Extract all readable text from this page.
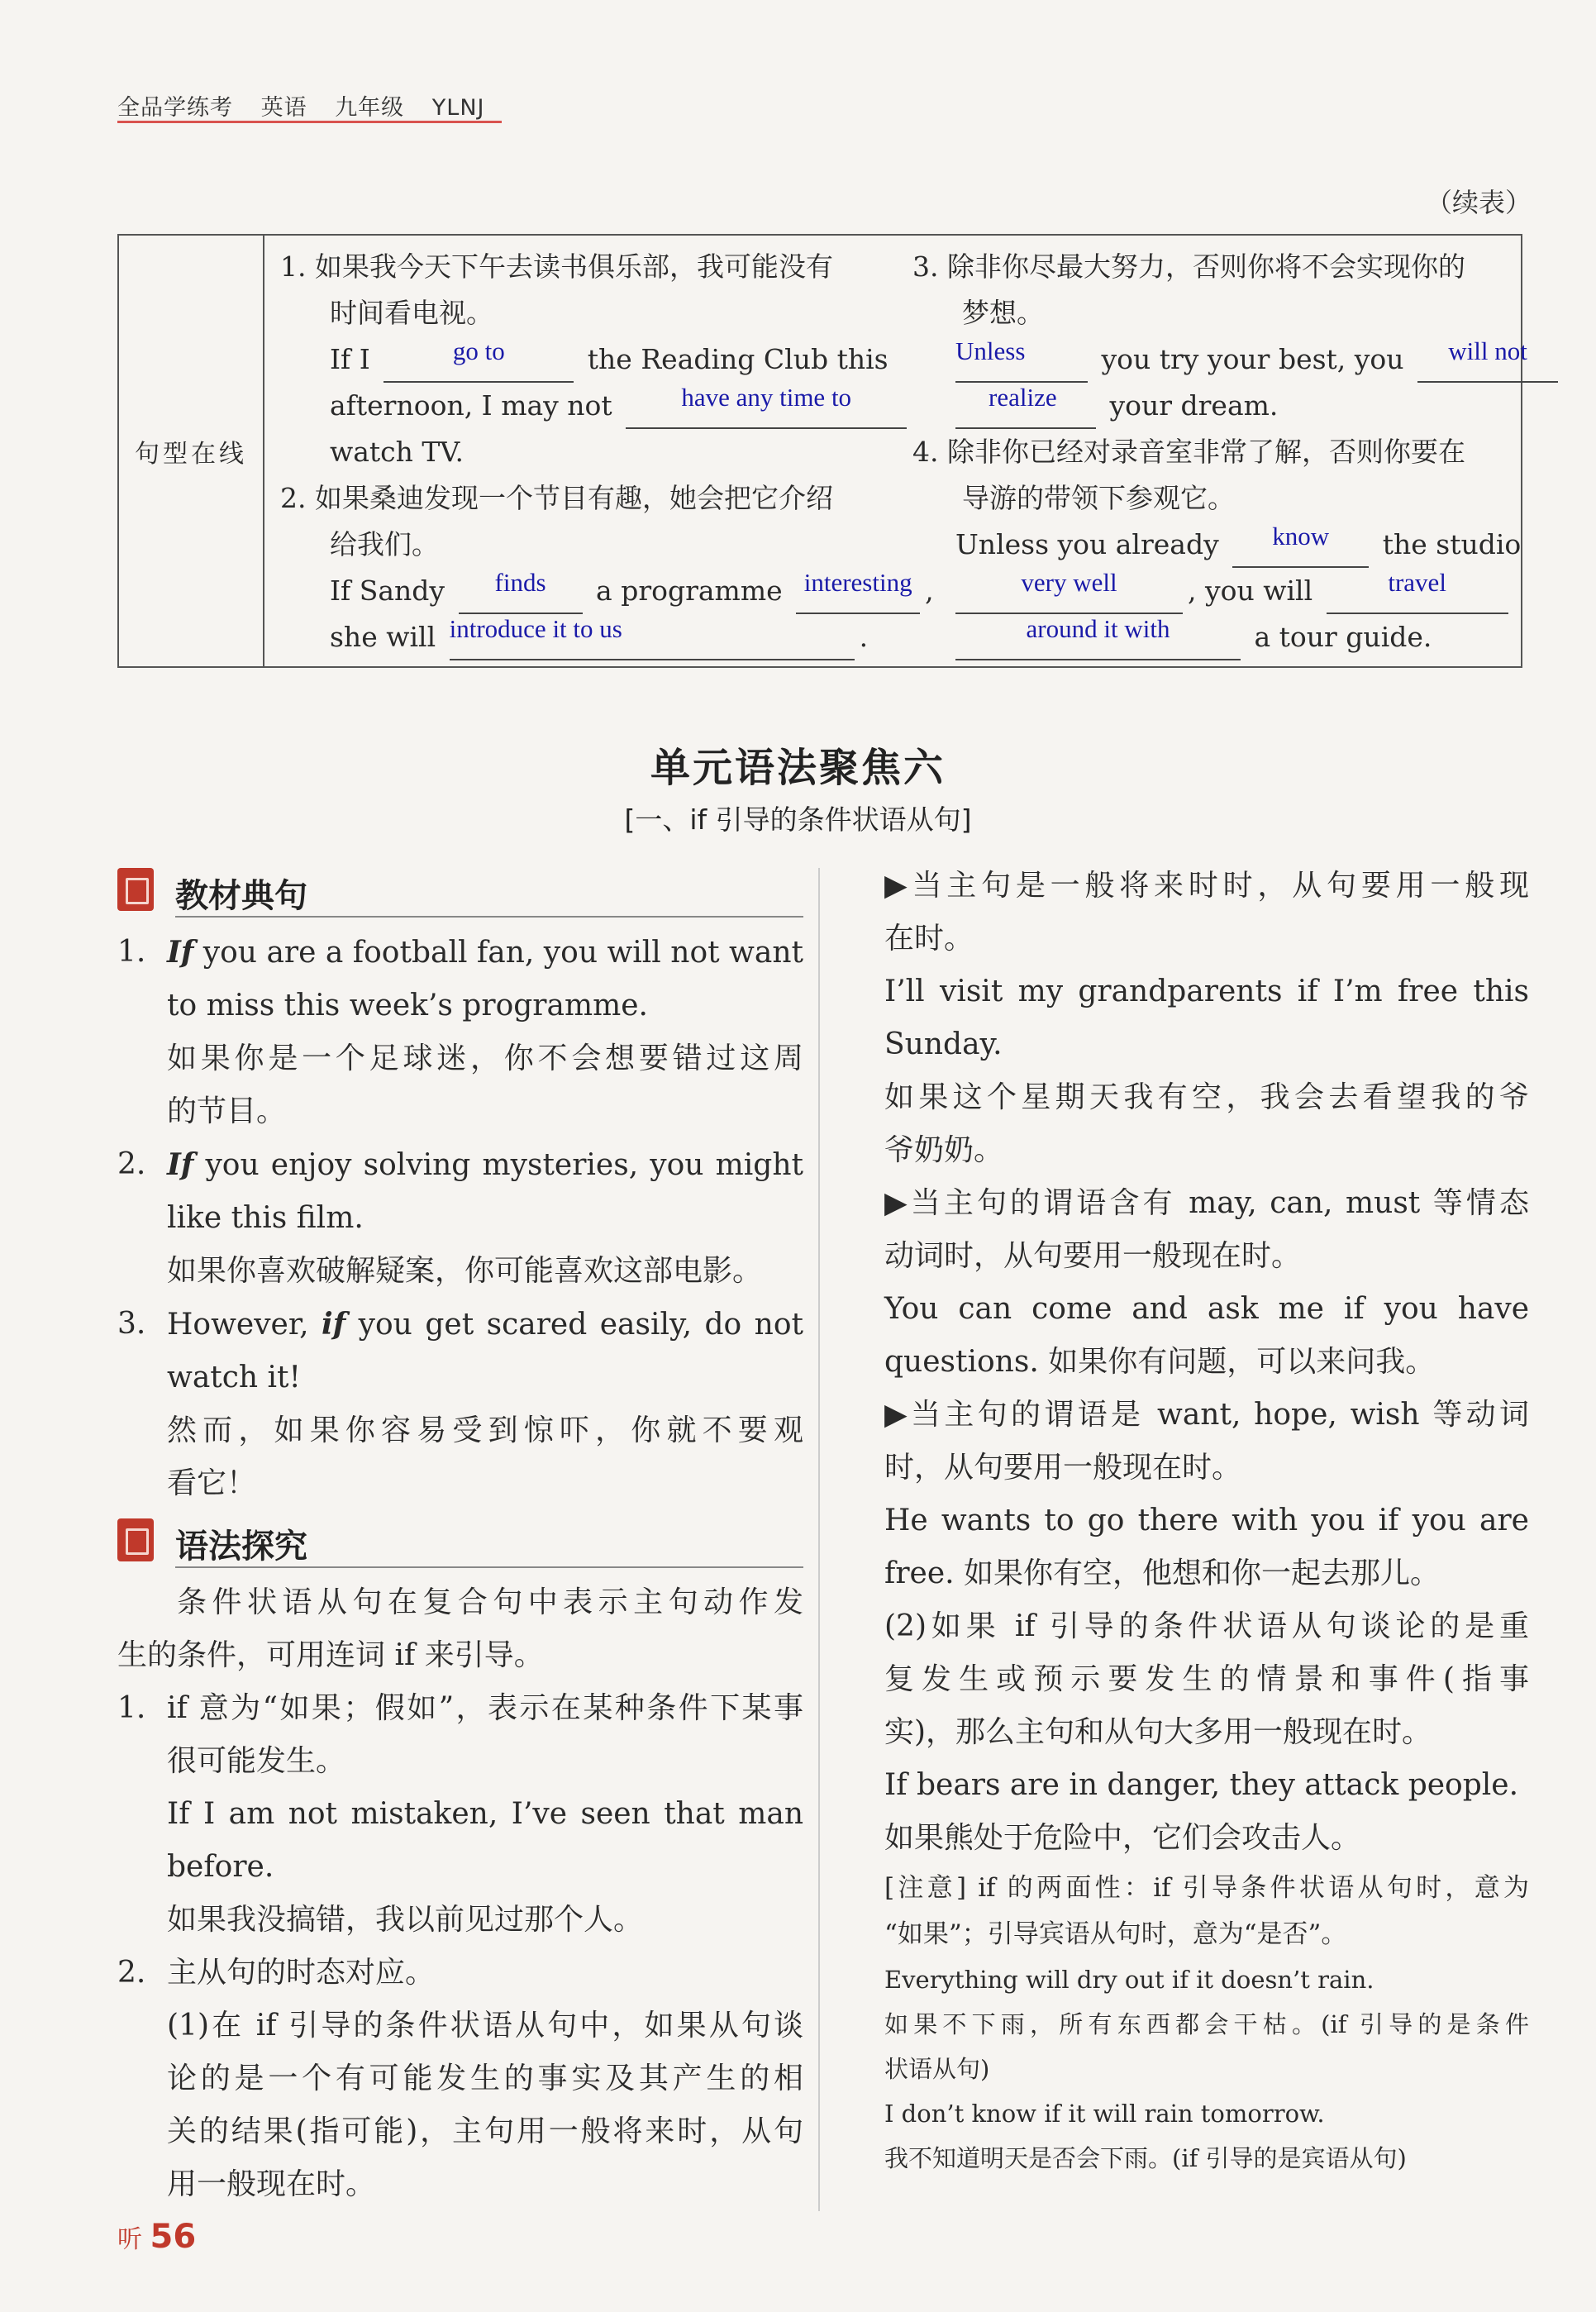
全品学练考 英语 九年级 YLNJ
（续表）
句型在线
1. 如果我今天下午去读书俱乐部，我可能没有
时间看电视。
If I	go to	the Reading Club this
afternoon, I may not	have any time to
watch TV.
2. 如果桑迪发现一个节目有趣，她会把它介绍
给我们。
If Sandy	finds	a programme interesting ,
she will introduce it to us	.
3. 除非你尽最大努力，否则你将不会实现你的
梦想。
Unless	you try your best, you	will not
realize	your dream.
4. 除非你已经对录音室非常了解，否则你要在
导游的带领下参观它。
Unless you already	know	the studio
very well	, you will	travel
around it with	a tour guide.
单元语法聚焦六
[一、if 引导的条件状语从句]
教材典句
1. If you are a football fan, you will not want
to miss this week’s programme.
如果你是一个足球迷，你不会想要错过这周
的节目。
2. If you enjoy solving mysteries, you might
like this film.
如果你喜欢破解疑案，你可能喜欢这部电影。
3. However, if you get scared easily, do not
watch it!
然而，如果你容易受到惊吓，你就不要观
看它！
语法探究
条件状语从句在复合句中表示主句动作发
生的条件，可用连词 if 来引导。
1. if 意为“如果；假如”，表示在某种条件下某事
很可能发生。
If I am not mistaken, I’ve seen that man
before.
如果我没搞错，我以前见过那个人。
2. 主从句的时态对应。
(1)在 if 引导的条件状语从句中，如果从句谈
论的是一个有可能发生的事实及其产生的相
关的结果(指可能)，主句用一般将来时，从句
用一般现在时。
▶当主句是一般将来时时，从句要用一般现
在时。
I’ll visit my grandparents if I’m free this
Sunday.
如果这个星期天我有空，我会去看望我的爷
爷奶奶。
▶当主句的谓语含有 may, can, must 等情态
动词时，从句要用一般现在时。
You can come and ask me if you have
questions. 如果你有问题，可以来问我。
▶当主句的谓语是 want, hope, wish 等动词
时，从句要用一般现在时。
He wants to go there with you if you are
free. 如果你有空，他想和你一起去那儿。
(2)如果 if 引导的条件状语从句谈论的是重
复发生或预示要发生的情景和事件(指事
实)，那么主句和从句大多用一般现在时。
If bears are in danger, they attack people.
如果熊处于危险中，它们会攻击人。
[注意] if 的两面性：if 引导条件状语从句时，意为
“如果”；引导宾语从句时，意为“是否”。
Everything will dry out if it doesn’t rain.
如果不下雨，所有东西都会干枯。(if 引导的是条件
状语从句)
I don’t know if it will rain tomorrow.
我不知道明天是否会下雨。(if 引导的是宾语从句)
听 56
